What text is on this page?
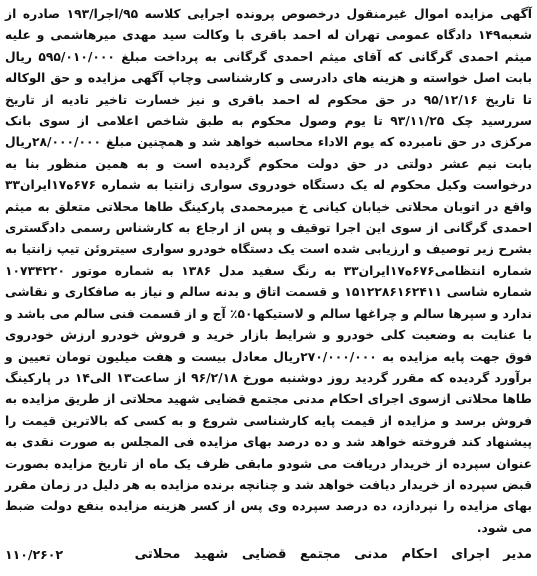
آگهی مزایده اموال غیرمنقول درخصوص پرونده اجرایی کلاسه ۹۵/اجرا/۱۹۳ صادره از شعبه۱۴۹ دادگاه عمومی تهران له احمد باقری با وکالت سید مهدی میرهاشمی و علیه میثم احمدی گرگانی که آقای میثم احمدی گرگانی به پرداخت مبلغ ۵۹۵/۰۱۰/۰۰۰ ریال بابت اصل خواسته و هزینه های دادرسی و کارشناسی وچاپ آگهی مزایده و حق الوکاله تا تاریخ ۹۵/۱۲/۱۶ در حق محکوم له احمد باقری و نیز خسارت تاخیر تادیه از تاریخ سررسید چک ۹۳/۱۱/۲۵ تا یوم وصول محکوم به طبق شاخص اعلامی از سوی بانک مرکزی در حق نامبرده که یوم الاداء محاسبه خواهد شد و همچنین مبلغ ۲۸/۰۰۰/۰۰۰ریال بابت نیم عشر دولتی در حق دولت محکوم گردیده است و به همین منظور بنا به درخواست وکیل محکوم له یک دستگاه خودروی سواری زانتیا به شماره ۶۷۶ه۱۷ایران۳۳ واقع در اتوبان محلاتی خیابان کیانی خ میرمحمدی پارکینگ طاها محلاتی متعلق به میثم احمدی گرگانی از سوی این اجرا توقیف و پس از ارجاع به کارشناس رسمی دادگستری بشرح زیر توصیف و ارزیابی شده است یک دستگاه خودرو سواری سیتروئن تیپ زانتیا به شماره انتظامی۶۷۶ه۱۷ایران۳۳ به رنگ سفید مدل ۱۳۸۶ به شماره موتور ۱۰۷۳۴۲۲۰ شماره شاسی ۱۵۱۲۲۸۶۱۶۲۴۱۱ و قسمت اتاق و بدنه سالم و نیاز به صافکاری و نقاشی ندارد و سپرها سالم و چراغها سالم و لاستیکها۵۰٪ آج و از قسمت فنی سالم می باشد و با عنایت به وضعیت کلی خودرو و شرایط بازار خرید و فروش خودرو ارزش خودروی فوق جهت پایه مزایده به ۲۷۰/۰۰۰/۰۰۰ریال معادل بیست و هفت میلیون تومان تعیین و برآورد گردیده که مقرر گردید روز دوشنبه مورخ ۹۶/۲/۱۸ از ساعت۱۳ الی۱۴ در پارکینگ طاها محلاتی ازسوی اجرای احکام مدنی مجتمع قضایی شهید محلاتی از طریق مزایده به فروش برسد و مزایده از قیمت پایه کارشناسی شروع و به کسی که بالاترین قیمت را پیشنهاد کند فروخته خواهد شد و ده درصد بهای مزایده فی المجلس به صورت نقدی به عنوان سپرده از خریدار دریافت می شودو مابقی ظرف یک ماه از تاریخ مزایده بصورت قبض سپرده از خریدار دیافت خواهد شد و چنانچه برنده مزایده به هر دلیل در زمان مقرر بهای مزایده را نپردازد، ده درصد سپرده وی پس از کسر هزینه مزایده بنفع دولت ضبط می شود.

مدیر اجرای احکام مدنی مجتمع قضایی شهید محلاتی
۱۱۰/۲۶۰۲
